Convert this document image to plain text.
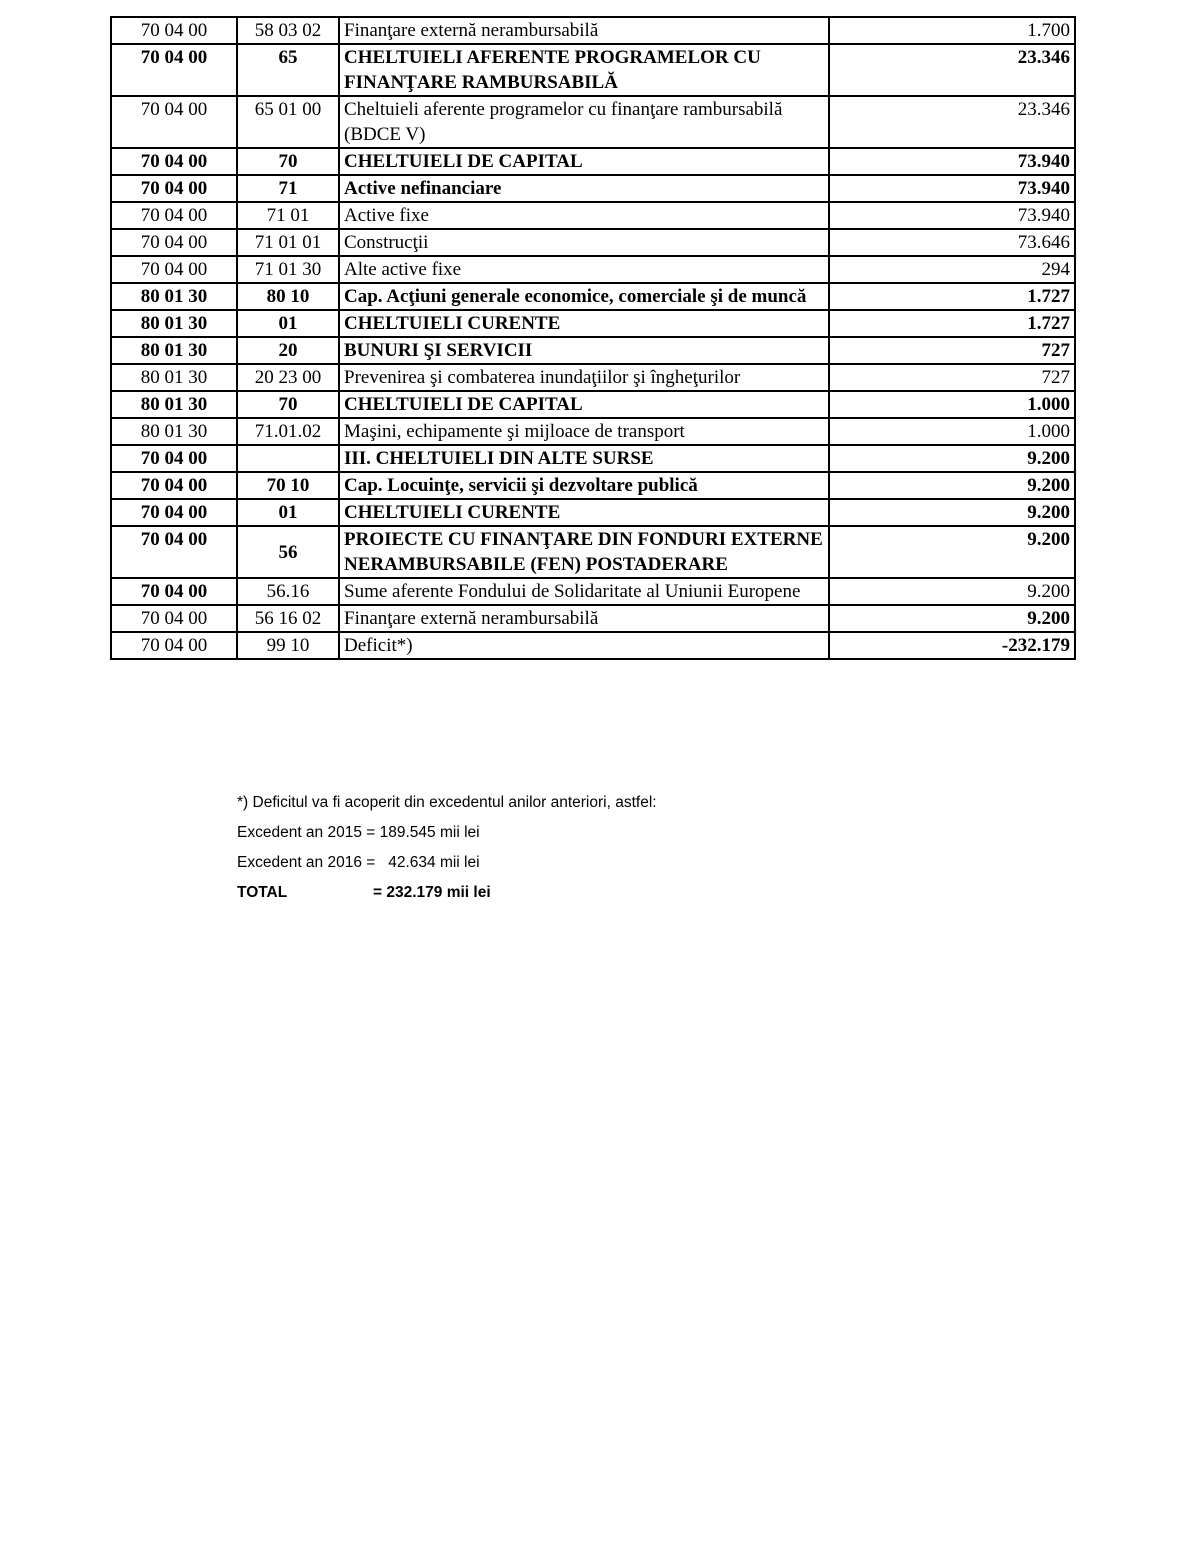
70 04 00	58 03 02	Finanţare externă nerambursabilă	1.700
70 04 00	65	CHELTUIELI AFERENTE PROGRAMELOR CU FINANŢARE RAMBURSABILĂ	23.346
70 04 00	65 01 00	Cheltuieli aferente programelor cu finanţare rambursabilă (BDCE V)	23.346
70 04 00	70	CHELTUIELI DE CAPITAL	73.940
70 04 00	71	Active nefinanciare	73.940
70 04 00	71 01	Active fixe	73.940
70 04 00	71 01 01	Construcţii	73.646
70 04 00	71 01 30	Alte active fixe	294
80 01 30	80 10	Cap. Acţiuni generale economice, comerciale şi de muncă	1.727
80 01 30	01	CHELTUIELI CURENTE	1.727
80 01 30	20	BUNURI ŞI SERVICII	727
80 01 30	20 23 00	Prevenirea şi combaterea inundaţiilor şi îngheţurilor	727
80 01 30	70	CHELTUIELI DE CAPITAL	1.000
80 01 30	71.01.02	Maşini, echipamente şi mijloace de transport	1.000
70 04 00		III. CHELTUIELI DIN ALTE SURSE	9.200
70 04 00	70 10	Cap. Locuinţe, servicii şi dezvoltare publică	9.200
70 04 00	01	CHELTUIELI CURENTE	9.200
70 04 00	56	PROIECTE CU FINANŢARE DIN FONDURI EXTERNE NERAMBURSABILE (FEN) POSTADERARE	9.200
70 04 00	56.16	Sume aferente Fondului de Solidaritate al Uniunii Europene	9.200
70 04 00	56 16 02	Finanţare externă nerambursabilă	9.200
70 04 00	99 10	Deficit*)	-232.179
*) Deficitul va fi acoperit din excedentul anilor anteriori, astfel:
Excedent an 2015 = 189.545 mii lei
Excedent an 2016 =   42.634 mii lei
TOTAL	= 232.179 mii lei
